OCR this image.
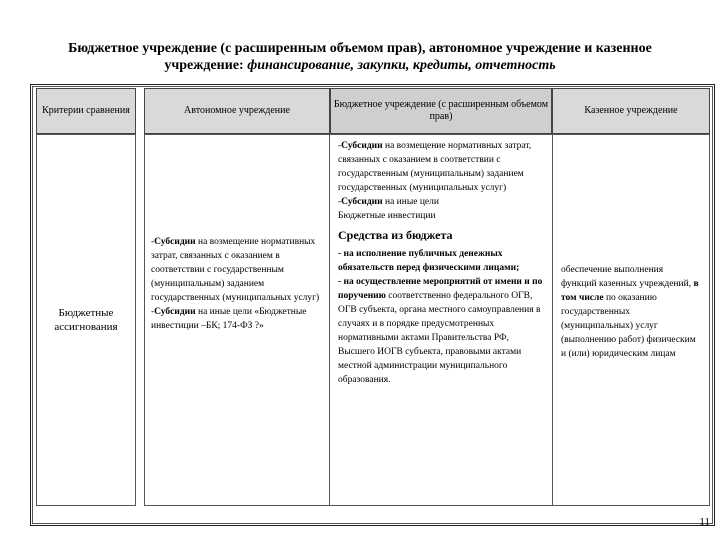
Бюджетное учреждение (с расширенным объемом прав), автономное учреждение и казенное
учреждение: финансирование, закупки, кредиты, отчетность
Критерии сравнения	Автономное учреждение
Бюджетное учреждение (с расширенным объемом прав)
Казенное учреждение
Бюджетные ассигнования

-Субсидии на возмещение нормативных затрат, связанных с оказанием в соответствии с государственным (муниципальным) заданием государственных (муниципальных услуг)

-Субсидии на иные цели «Бюджетные инвестиции –БК; 174-ФЗ ?»

-Субсидии на возмещение нормативных затрат, связанных с оказанием в соответствии с государственным (муниципальным) заданием государственных (муниципальных услуг)

-Субсидии на иные цели

Бюджетные инвестиции

Средства из бюджета

- на исполнение публичных денежных обязательств перед физическими лицами;

- на осуществление мероприятий от имени и по поручению соответственно федерального ОГВ, ОГВ субъекта, органа местного самоуправления в случаях и в порядке предусмотренных нормативными актами Правительства РФ, Высшего ИОГВ субъекта, правовыми актами местной администрации муниципального образования.

обеспечение выполнения функций казенных учреждений, в том числе по оказанию государственных (муниципальных) услуг (выполнению работ) физическим и (или) юридическим лицам

11
